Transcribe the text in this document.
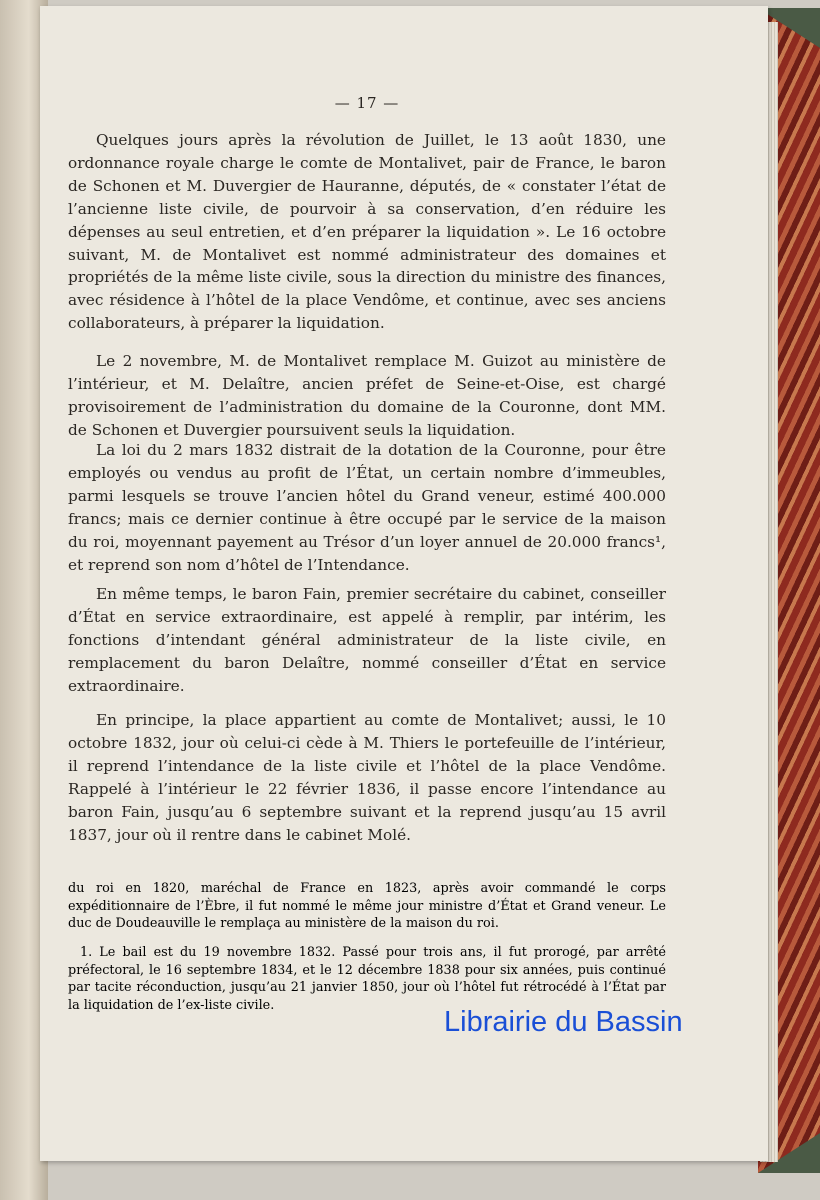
— 17 —

Quelques jours après la révolution de Juillet, le 13 août 1830, une ordonnance royale charge le comte de Montalivet, pair de France, le baron de Schonen et M. Duvergier de Hauranne, députés, de « constater l’état de l’ancienne liste civile, de pourvoir à sa conservation, d’en réduire les dépenses au seul entretien, et d’en préparer la liquidation ». Le 16 octobre suivant, M. de Montalivet est nommé administrateur des domaines et propriétés de la même liste civile, sous la direction du ministre des finances, avec résidence à l’hôtel de la place Vendôme, et continue, avec ses anciens collaborateurs, à préparer la liquidation.

Le 2 novembre, M. de Montalivet remplace M. Guizot au ministère de l’intérieur, et M. Delaître, ancien préfet de Seine-et-Oise, est chargé provisoirement de l’administration du domaine de la Couronne, dont MM. de Schonen et Duvergier poursuivent seuls la liquidation.

La loi du 2 mars 1832 distrait de la dotation de la Couronne, pour être employés ou vendus au profit de l’État, un certain nombre d’immeubles, parmi lesquels se trouve l’ancien hôtel du Grand veneur, estimé 400.000 francs; mais ce dernier continue à être occupé par le service de la maison du roi, moyennant payement au Trésor d’un loyer annuel de 20.000 francs¹, et reprend son nom d’hôtel de l’Intendance.

En même temps, le baron Fain, premier secrétaire du cabinet, conseiller d’État en service extraordinaire, est appelé à remplir, par intérim, les fonctions d’intendant général administrateur de la liste civile, en remplacement du baron Delaître, nommé conseiller d’État en service extraordinaire.

En principe, la place appartient au comte de Montalivet; aussi, le 10 octobre 1832, jour où celui-ci cède à M. Thiers le portefeuille de l’intérieur, il reprend l’intendance de la liste civile et l’hôtel de la place Vendôme. Rappelé à l’intérieur le 22 février 1836, il passe encore l’intendance au baron Fain, jusqu’au 6 septembre suivant et la reprend jusqu’au 15 avril 1837, jour où il rentre dans le cabinet Molé.

du roi en 1820, maréchal de France en 1823, après avoir commandé le corps expéditionnaire de l’Èbre, il fut nommé le même jour ministre d’État et Grand veneur. Le duc de Doudeauville le remplaça au ministère de la maison du roi.

1. Le bail est du 19 novembre 1832. Passé pour trois ans, il fut prorogé, par arrêté préfectoral, le 16 septembre 1834, et le 12 décembre 1838 pour six années, puis continué par tacite réconduction, jusqu’au 21 janvier 1850, jour où l’hôtel fut rétrocédé à l’État par la liquidation de l’ex-liste civile.

Librairie du Bassin
